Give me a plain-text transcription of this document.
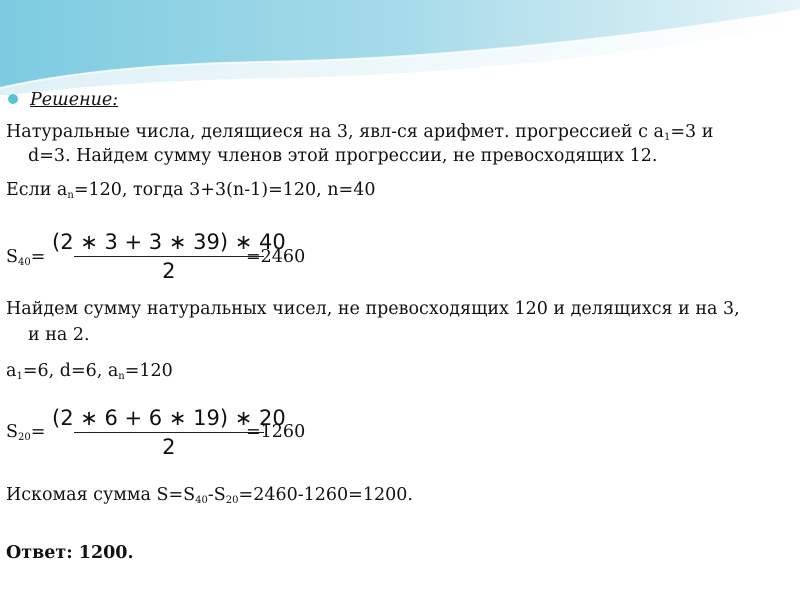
Решение:
Натуральные числа, делящиеся на 3, явл-ся арифмет. прогрессией с $a_1=3$ и
d=3. Найдем сумму членов этой прогрессии, не превосходящих 12.
Если $a_n=120$, тогда 3+3(n-1)=120, n=40
$S_{40}=$
(2 ∗ 3 + 3 ∗ 39) ∗ 40
2
=2460
Найдем сумму натуральных чисел, не превосходящих 120 и делящихся и на 3,
и на 2.
$a_1=6$, d=6, $a_n=120$
$S_{20}=$
(2 ∗ 6 + 6 ∗ 19) ∗ 20
2
=1260
Искомая сумма $S=S_{40}-S_{20}=2460-1260=1200$.
Ответ: 1200.
